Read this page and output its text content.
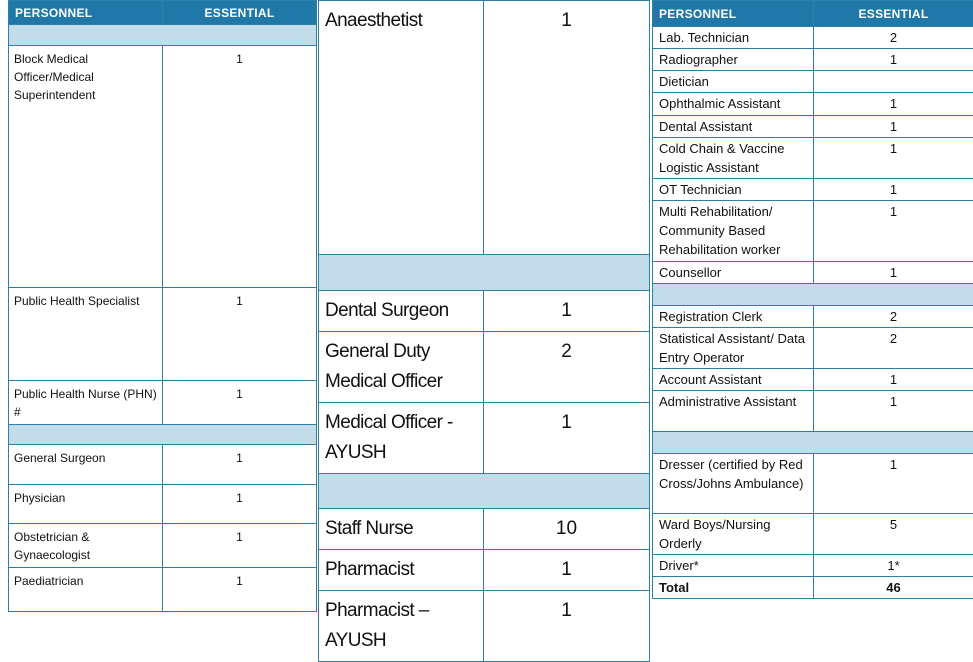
PERSONNEL	ESSENTIAL

Block Medical Officer/Medical Superintendent	1
Public Health Specialist	1
Public Health Nurse (PHN) #	1

General Surgeon	1
Physician	1
Obstetrician & Gynaecologist	1
Paediatrician	1
Anaesthetist	1

Dental Surgeon	1
General Duty Medical Officer	2
Medical Officer - AYUSH	1

Staff Nurse	10
Pharmacist	1
Pharmacist – AYUSH	1
PERSONNEL	ESSENTIAL
Lab. Technician	2
Radiographer	1
Dietician	
Ophthalmic Assistant	1
Dental Assistant	1
Cold Chain & Vaccine Logistic Assistant	1
OT Technician	1
Multi Rehabilitation/ Community Based Rehabilitation worker	1
Counsellor	1

Registration Clerk	2
Statistical Assistant/ Data Entry Operator	2
Account Assistant	1
Administrative Assistant	1

Dresser (certified by Red Cross/Johns Ambulance)	1
Ward Boys/Nursing Orderly	5
Driver*	1*
Total	46
